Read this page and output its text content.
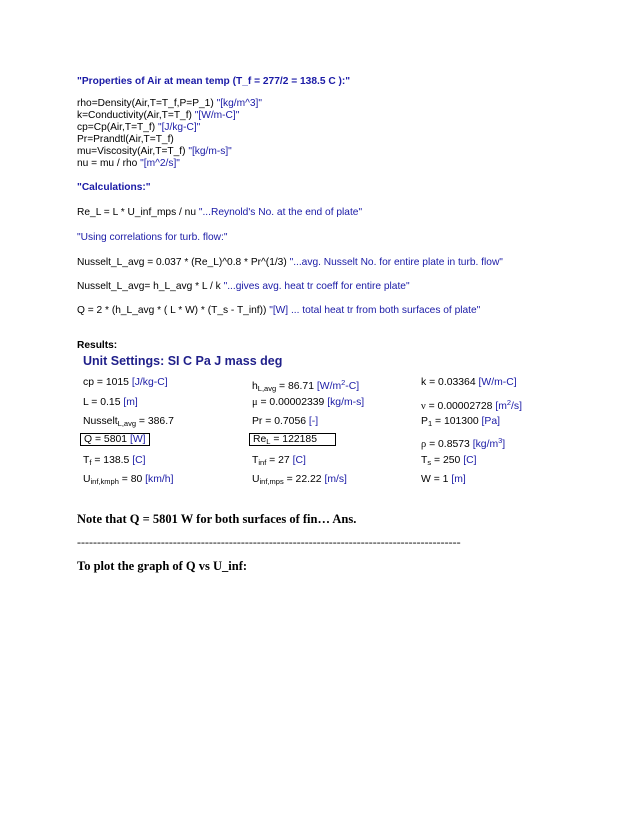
"Properties of Air at mean temp (T_f = 277/2 = 138.5 C ):"
rho=Density(Air,T=T_f,P=P_1) "[kg/m^3]"
k=Conductivity(Air,T=T_f) "[W/m-C]"
cp=Cp(Air,T=T_f) "[J/kg-C]"
Pr=Prandtl(Air,T=T_f)
mu=Viscosity(Air,T=T_f) "[kg/m-s]"
nu = mu / rho "[m^2/s]"
"Calculations:"
Re_L = L * U_inf_mps / nu "...Reynold's No. at the end of plate"
"Using correlations for turb. flow:"
Nusselt_L_avg = 0.037 * (Re_L)^0.8 * Pr^(1/3) "...avg. Nusselt No. for entire plate in turb. flow"
Nusselt_L_avg= h_L_avg * L / k "...gives avg. heat tr coeff for entire plate"
Q = 2 * (h_L_avg * ( L * W) * (T_s - T_inf)) "[W] ... total heat tr from both surfaces of plate"
Results:
Unit Settings: SI C Pa J mass deg
cp = 1015 [J/kg-C]
L = 0.15 [m]
Nusselt$_{L,avg}$ = 386.7
Q = 5801 [W]
$T_f = 138.5$ [C]
$U_{inf,kmph} = 80$ [km/h]
$h_{L,avg} = 86.71$ $[W/m^2-C]$
μ = 0.00002339 [kg/m-s]
Pr = 0.7056 [-]
$Re_L = 122185$
$T_{inf} = 27$ [C]
$U_{inf,mps} = 22.22$ [m/s]
k = 0.03364 [W/m-C]
ν = 0.00002728 $[m^2/s]$
$P_1 = 101300$ [Pa]
ρ = 0.8573 $[kg/m^3]$
$T_s = 250$ [C]
W = 1 [m]
Note that Q = 5801 W for both surfaces of fin… Ans.
------------------------------------------------------------------------------------------------
To plot the graph of Q vs U_inf:
